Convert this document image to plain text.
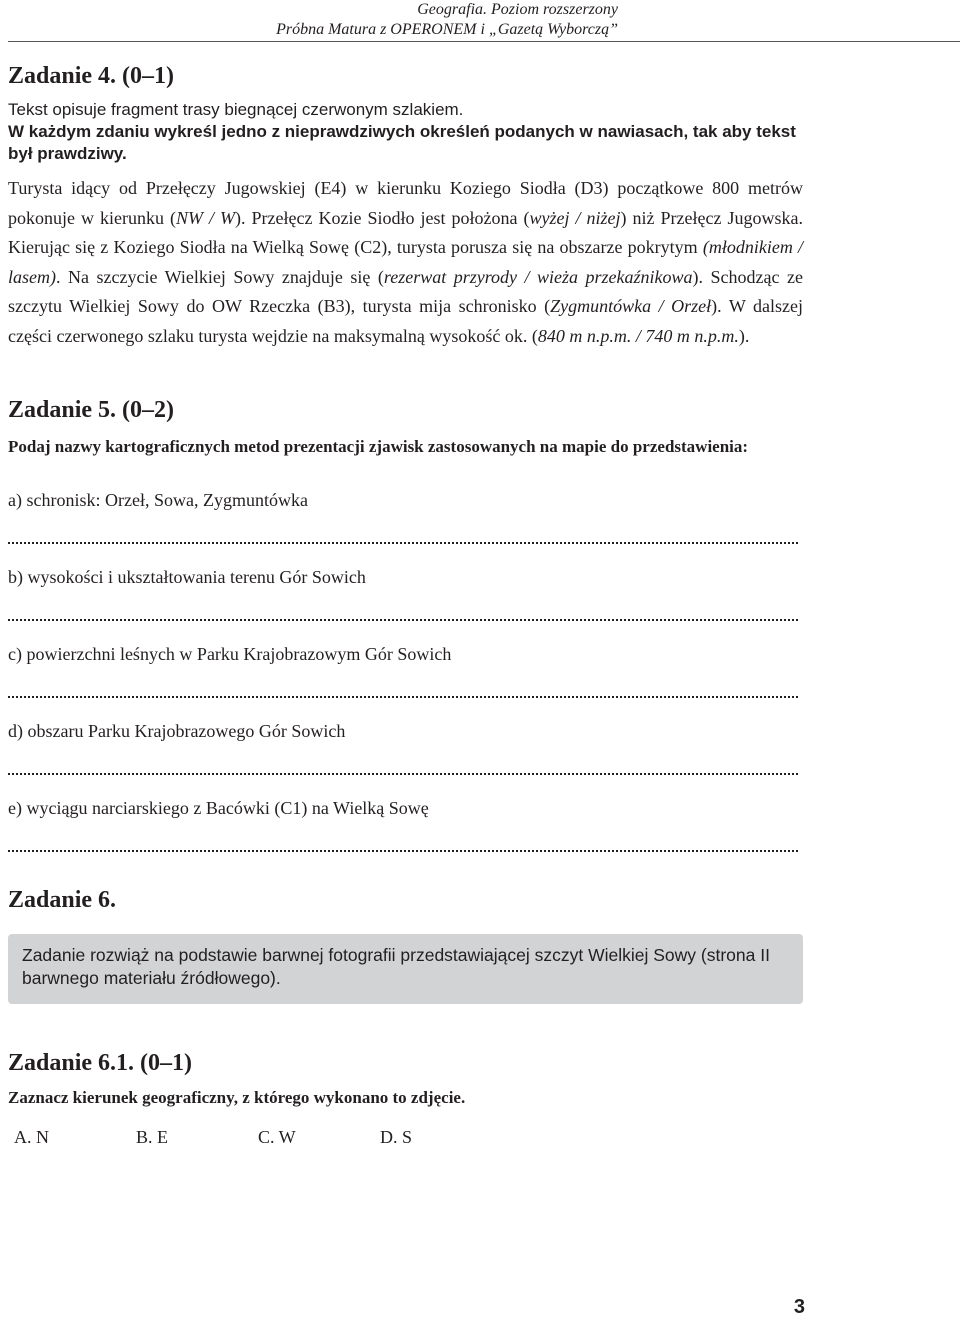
Geografia. Poziom rozszerzony
Próbna Matura z OPERONEM i „Gazetą Wyborczą”
Zadanie 4. (0–1)
Tekst opisuje fragment trasy biegnącej czerwonym szlakiem.
W każdym zdaniu wykreśl jedno z nieprawdziwych określeń podanych w nawiasach, tak aby tekst był prawdziwy.
Turysta idący od Przełęczy Jugowskiej (E4) w kierunku Koziego Siodła (D3) początkowe 800 metrów pokonuje w kierunku (NW / W). Przełęcz Kozie Siodło jest położona (wyżej / niżej) niż Przełęcz Jugowska. Kierując się z Koziego Siodła na Wielką Sowę (C2), turysta porusza się na obszarze pokrytym (młodnikiem / lasem). Na szczycie Wielkiej Sowy znajduje się (rezerwat przyrody / wieża przekaźnikowa). Schodząc ze szczytu Wielkiej Sowy do OW Rzeczka (B3), turysta mija schronisko (Zygmuntówka / Orzeł). W dalszej części czerwonego szlaku turysta wejdzie na maksymalną wysokość ok. (840 m n.p.m. / 740 m n.p.m.).
Zadanie 5. (0–2)
Podaj nazwy kartograficznych metod prezentacji zjawisk zastosowanych na mapie do przedstawienia:
a) schronisk: Orzeł, Sowa, Zygmuntówka
b) wysokości i ukształtowania terenu Gór Sowich
c) powierzchni leśnych w Parku Krajobrazowym Gór Sowich
d) obszaru Parku Krajobrazowego Gór Sowich
e) wyciągu narciarskiego z Bacówki (C1) na Wielką Sowę
Zadanie 6.
Zadanie rozwiąż na podstawie barwnej fotografii przedstawiającej szczyt Wielkiej Sowy (strona II barwnego materiału źródłowego).
Zadanie 6.1. (0–1)
Zaznacz kierunek geograficzny, z którego wykonano to zdjęcie.
A. N	B. E	C. W	D. S
3
